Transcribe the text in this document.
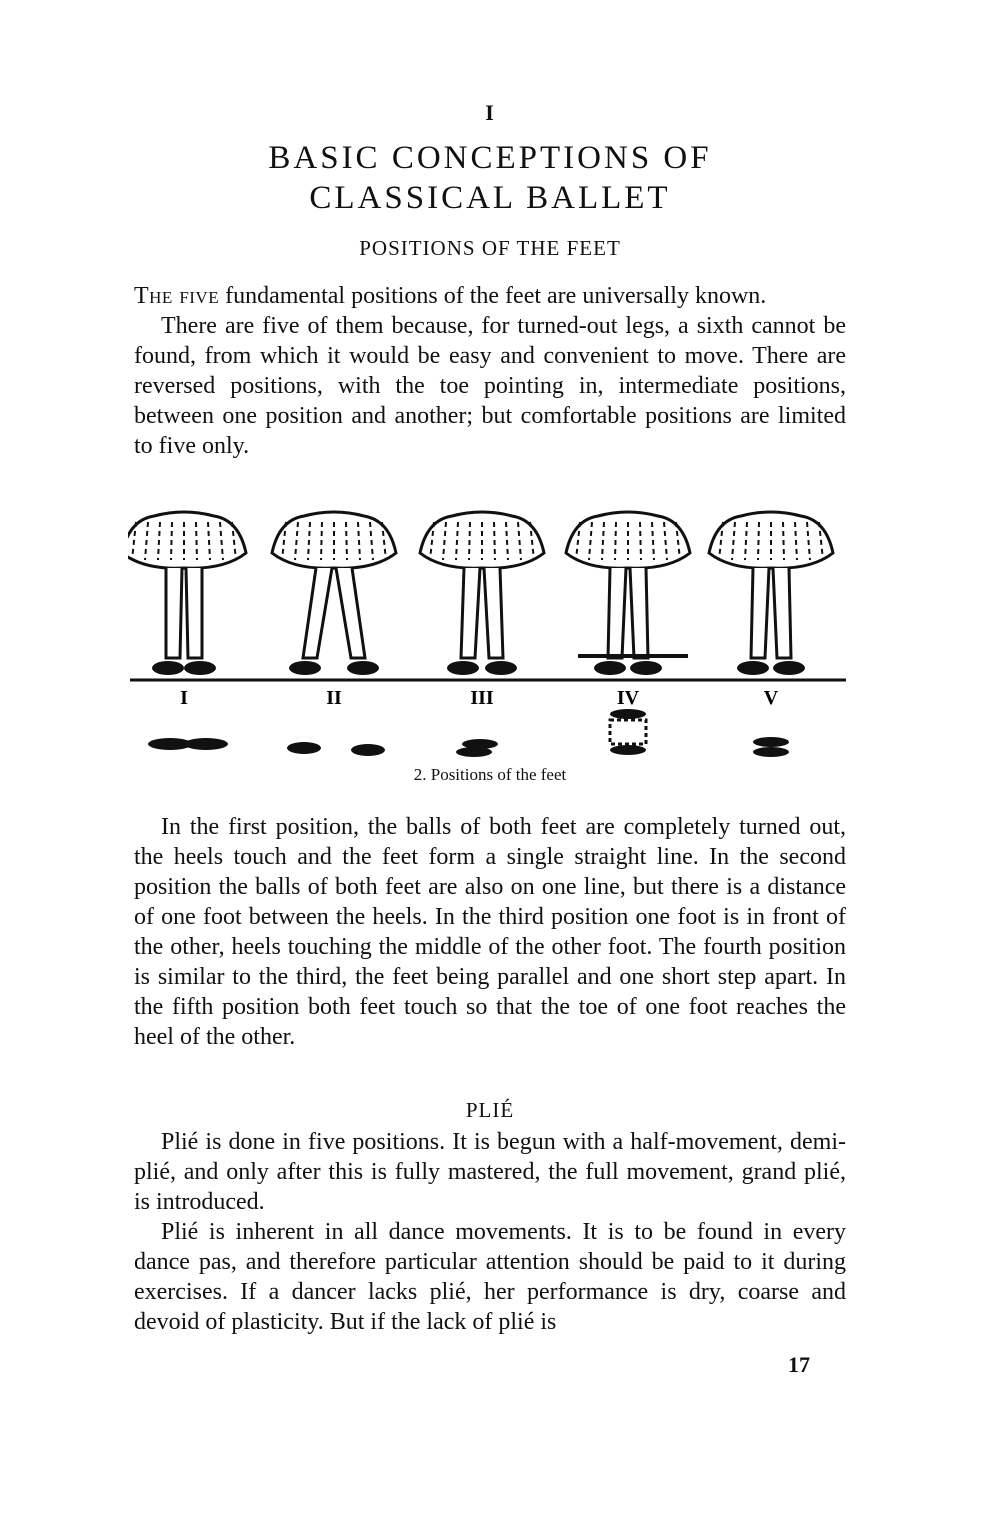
I
BASIC CONCEPTIONS OF
CLASSICAL BALLET
POSITIONS OF THE FEET

The five fundamental positions of the feet are universally known.

There are five of them because, for turned-out legs, a sixth cannot be found, from which it would be easy and convenient to move. There are reversed positions, with the toe pointing in, intermediate positions, between one position and another; but comfortable positions are limited to five only.

I	II	III	IV	V
2. Positions of the feet

In the first position, the balls of both feet are completely turned out, the heels touch and the feet form a single straight line. In the second position the balls of both feet are also on one line, but there is a distance of one foot between the heels. In the third position one foot is in front of the other, heels touching the middle of the other foot. The fourth position is similar to the third, the feet being parallel and one short step apart. In the fifth position both feet touch so that the toe of one foot reaches the heel of the other.

PLIÉ

Plié is done in five positions. It is begun with a half-movement, demi-plié, and only after this is fully mastered, the full movement, grand plié, is introduced.

Plié is inherent in all dance movements. It is to be found in every dance pas, and therefore particular attention should be paid to it during exercises. If a dancer lacks plié, her performance is dry, coarse and devoid of plasticity. But if the lack of plié is

17
